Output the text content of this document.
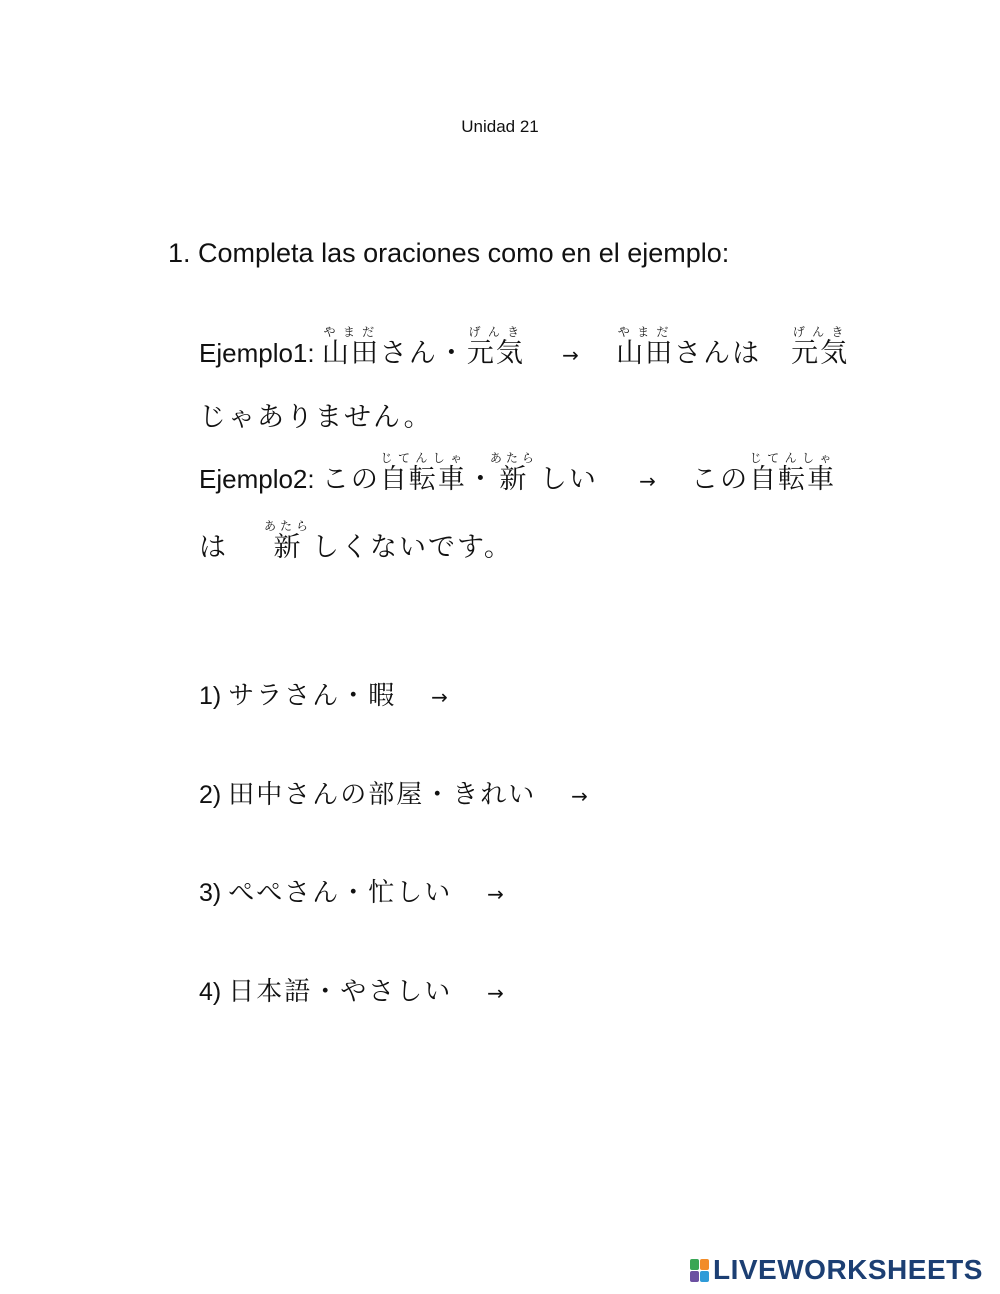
Unidad 21
1. Completa las oraciones como en el ejemplo:
Ejemplo1: 山田やまださん・元気げんき → 山田やまださんは 元気げんき
じゃありません。
Ejemplo2: この自転車じてんしゃ・新あたらしい → この自転車じてんしゃ
は 新あたらしくないです。
1) サラさん・暇 →
2) 田中さんの部屋・きれい →
3) ぺぺさん・忙しい →
4) 日本語・やさしい →
LIVEWORKSHEETS
